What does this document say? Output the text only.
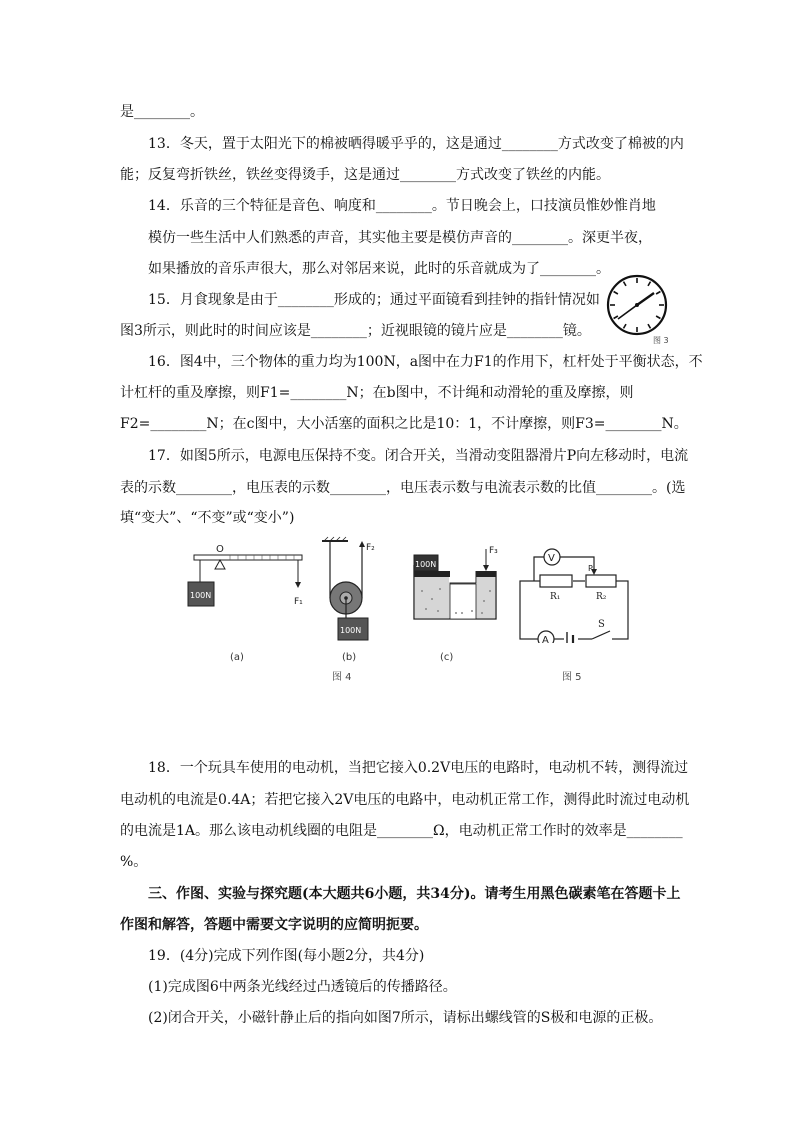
是________。
13．冬天，置于太阳光下的棉被晒得暖乎乎的，这是通过________方式改变了棉被的内
能；反复弯折铁丝，铁丝变得烫手，这是通过________方式改变了铁丝的内能。
14．乐音的三个特征是音色、响度和________。节日晚会上，口技演员惟妙惟肖地
模仿一些生活中人们熟悉的声音，其实他主要是模仿声音的________。深更半夜，
如果播放的音乐声很大，那么对邻居来说，此时的乐音就成为了________。
15．月食现象是由于________形成的；通过平面镜看到挂钟的指针情况如
图3所示，则此时的时间应该是________；近视眼镜的镜片应是________镜。
16．图4中，三个物体的重力均为100N，a图中在力F1的作用下，杠杆处于平衡状态，不
计杠杆的重及摩擦，则F1=________N；在b图中，不计绳和动滑轮的重及摩擦，则
F2=________N；在c图中，大小活塞的面积之比是10：1，不计摩擦，则F3=________N。
17．如图5所示，电源电压保持不变。闭合开关，当滑动变阻器滑片P向左移动时，电流
表的示数________，电压表的示数________，电压表示数与电流表示数的比值________。(选
填“变大”、“不变”或“变小”)
图 3
O
100N
F₁
(a)
F₂
100N
(b)
100N
F₃
(c)
图 4
V
P
R₁	R₂
A
S
图 5
18．一个玩具车使用的电动机，当把它接入0.2V电压的电路时，电动机不转，测得流过
电动机的电流是0.4A；若把它接入2V电压的电路中，电动机正常工作，测得此时流过电动机
的电流是1A。那么该电动机线圈的电阻是________Ω，电动机正常工作时的效率是________
%。
三、作图、实验与探究题(本大题共6小题，共34分)。请考生用黑色碳素笔在答题卡上
作图和解答，答题中需要文字说明的应简明扼要。
19．(4分)完成下列作图(每小题2分，共4分)
(1)完成图6中两条光线经过凸透镜后的传播路径。
(2)闭合开关，小磁针静止后的指向如图7所示，请标出螺线管的S极和电源的正极。
